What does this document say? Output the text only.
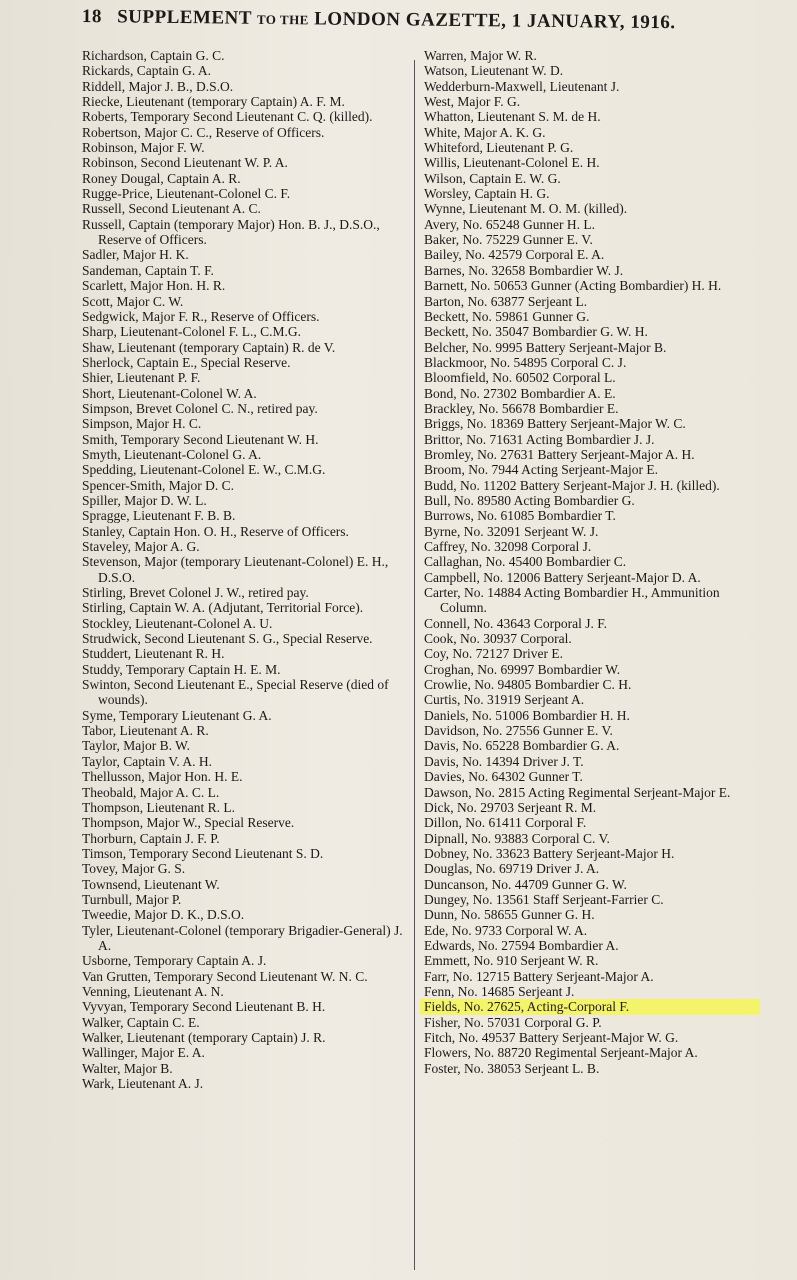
18 SUPPLEMENT TO THE LONDON GAZETTE, 1 JANUARY, 1916.
Richardson, Captain G. C.
Rickards, Captain G. A.
Riddell, Major J. B., D.S.O.
Riecke, Lieutenant (temporary Captain) A. F. M.
Roberts, Temporary Second Lieutenant C. Q. (killed).
Robertson, Major C. C., Reserve of Officers.
Robinson, Major F. W.
Robinson, Second Lieutenant W. P. A.
Roney Dougal, Captain A. R.
Rugge-Price, Lieutenant-Colonel C. F.
Russell, Second Lieutenant A. C.
Russell, Captain (temporary Major) Hon. B. J., D.S.O., Reserve of Officers.
Sadler, Major H. K.
Sandeman, Captain T. F.
Scarlett, Major Hon. H. R.
Scott, Major C. W.
Sedgwick, Major F. R., Reserve of Officers.
Sharp, Lieutenant-Colonel F. L., C.M.G.
Shaw, Lieutenant (temporary Captain) R. de V.
Sherlock, Captain E., Special Reserve.
Shier, Lieutenant P. F.
Short, Lieutenant-Colonel W. A.
Simpson, Brevet Colonel C. N., retired pay.
Simpson, Major H. C.
Smith, Temporary Second Lieutenant W. H.
Smyth, Lieutenant-Colonel G. A.
Spedding, Lieutenant-Colonel E. W., C.M.G.
Spencer-Smith, Major D. C.
Spiller, Major D. W. L.
Spragge, Lieutenant F. B. B.
Stanley, Captain Hon. O. H., Reserve of Officers.
Staveley, Major A. G.
Stevenson, Major (temporary Lieutenant-Colonel) E. H., D.S.O.
Stirling, Brevet Colonel J. W., retired pay.
Stirling, Captain W. A. (Adjutant, Territorial Force).
Stockley, Lieutenant-Colonel A. U.
Strudwick, Second Lieutenant S. G., Special Reserve.
Studdert, Lieutenant R. H.
Studdy, Temporary Captain H. E. M.
Swinton, Second Lieutenant E., Special Reserve (died of wounds).
Syme, Temporary Lieutenant G. A.
Tabor, Lieutenant A. R.
Taylor, Major B. W.
Taylor, Captain V. A. H.
Thellusson, Major Hon. H. E.
Theobald, Major A. C. L.
Thompson, Lieutenant R. L.
Thompson, Major W., Special Reserve.
Thorburn, Captain J. F. P.
Timson, Temporary Second Lieutenant S. D.
Tovey, Major G. S.
Townsend, Lieutenant W.
Turnbull, Major P.
Tweedie, Major D. K., D.S.O.
Tyler, Lieutenant-Colonel (temporary Brigadier-General) J. A.
Usborne, Temporary Captain A. J.
Van Grutten, Temporary Second Lieutenant W. N. C.
Venning, Lieutenant A. N.
Vyvyan, Temporary Second Lieutenant B. H.
Walker, Captain C. E.
Walker, Lieutenant (temporary Captain) J. R.
Wallinger, Major E. A.
Walter, Major B.
Wark, Lieutenant A. J.
Warren, Major W. R.
Watson, Lieutenant W. D.
Wedderburn-Maxwell, Lieutenant J.
West, Major F. G.
Whatton, Lieutenant S. M. de H.
White, Major A. K. G.
Whiteford, Lieutenant P. G.
Willis, Lieutenant-Colonel E. H.
Wilson, Captain E. W. G.
Worsley, Captain H. G.
Wynne, Lieutenant M. O. M. (killed).
Avery, No. 65248 Gunner H. L.
Baker, No. 75229 Gunner E. V.
Bailey, No. 42579 Corporal E. A.
Barnes, No. 32658 Bombardier W. J.
Barnett, No. 50653 Gunner (Acting Bombardier) H. H.
Barton, No. 63877 Serjeant L.
Beckett, No. 59861 Gunner G.
Beckett, No. 35047 Bombardier G. W. H.
Belcher, No. 9995 Battery Serjeant-Major B.
Blackmoor, No. 54895 Corporal C. J.
Bloomfield, No. 60502 Corporal L.
Bond, No. 27302 Bombardier A. E.
Brackley, No. 56678 Bombardier E.
Briggs, No. 18369 Battery Serjeant-Major W. C.
Brittor, No. 71631 Acting Bombardier J. J.
Bromley, No. 27631 Battery Serjeant-Major A. H.
Broom, No. 7944 Acting Serjeant-Major E.
Budd, No. 11202 Battery Serjeant-Major J. H. (killed).
Bull, No. 89580 Acting Bombardier G.
Burrows, No. 61085 Bombardier T.
Byrne, No. 32091 Serjeant W. J.
Caffrey, No. 32098 Corporal J.
Callaghan, No. 45400 Bombardier C.
Campbell, No. 12006 Battery Serjeant-Major D. A.
Carter, No. 14884 Acting Bombardier H., Ammunition Column.
Connell, No. 43643 Corporal J. F.
Cook, No. 30937 Corporal.
Coy, No. 72127 Driver E.
Croghan, No. 69997 Bombardier W.
Crowlie, No. 94805 Bombardier C. H.
Curtis, No. 31919 Serjeant A.
Daniels, No. 51006 Bombardier H. H.
Davidson, No. 27556 Gunner E. V.
Davis, No. 65228 Bombardier G. A.
Davis, No. 14394 Driver J. T.
Davies, No. 64302 Gunner T.
Dawson, No. 2815 Acting Regimental Serjeant-Major E.
Dick, No. 29703 Serjeant R. M.
Dillon, No. 61411 Corporal F.
Dipnall, No. 93883 Corporal C. V.
Dobney, No. 33623 Battery Serjeant-Major H.
Douglas, No. 69719 Driver J. A.
Duncanson, No. 44709 Gunner G. W.
Dungey, No. 13561 Staff Serjeant-Farrier C.
Dunn, No. 58655 Gunner G. H.
Ede, No. 9733 Corporal W. A.
Edwards, No. 27594 Bombardier A.
Emmett, No. 910 Serjeant W. R.
Farr, No. 12715 Battery Serjeant-Major A.
Fenn, No. 14685 Serjeant J.
Fields, No. 27625, Acting-Corporal F.
Fisher, No. 57031 Corporal G. P.
Fitch, No. 49537 Battery Serjeant-Major W. G.
Flowers, No. 88720 Regimental Serjeant-Major A.
Foster, No. 38053 Serjeant L. B.
